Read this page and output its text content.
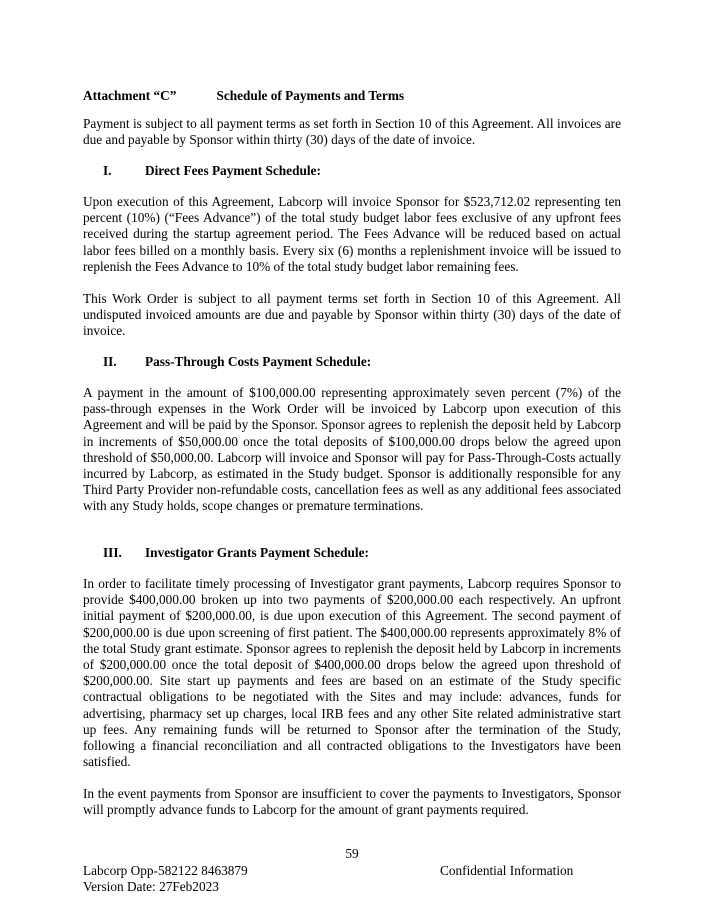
Attachment “C”	Schedule of Payments and Terms

Payment is subject to all payment terms as set forth in Section 10 of this Agreement. All invoices are due and payable by Sponsor within thirty (30) days of the date of invoice.

I.	Direct Fees Payment Schedule:

Upon execution of this Agreement, Labcorp will invoice Sponsor for $523,712.02 representing ten percent (10%) (“Fees Advance”) of the total study budget labor fees exclusive of any upfront fees received during the startup agreement period. The Fees Advance will be reduced based on actual labor fees billed on a monthly basis. Every six (6) months a replenishment invoice will be issued to replenish the Fees Advance to 10% of the total study budget labor remaining fees.

This Work Order is subject to all payment terms set forth in Section 10 of this Agreement. All undisputed invoiced amounts are due and payable by Sponsor within thirty (30) days of the date of invoice.

II. Pass-Through Costs Payment Schedule:

A payment in the amount of $100,000.00 representing approximately seven percent (7%) of the pass-through expenses in the Work Order will be invoiced by Labcorp upon execution of this Agreement and will be paid by the Sponsor. Sponsor agrees to replenish the deposit held by Labcorp in increments of $50,000.00 once the total deposits of $100,000.00 drops below the agreed upon threshold of $50,000.00. Labcorp will invoice and Sponsor will pay for Pass-Through-Costs actually incurred by Labcorp, as estimated in the Study budget. Sponsor is additionally responsible for any Third Party Provider non-refundable costs, cancellation fees as well as any additional fees associated with any Study holds, scope changes or premature terminations.

III. Investigator Grants Payment Schedule:

In order to facilitate timely processing of Investigator grant payments, Labcorp requires Sponsor to provide $400,000.00 broken up into two payments of $200,000.00 each respectively. An upfront initial payment of $200,000.00, is due upon execution of this Agreement. The second payment of $200,000.00 is due upon screening of first patient. The $400,000.00 represents approximately 8% of the total Study grant estimate. Sponsor agrees to replenish the deposit held by Labcorp in increments of $200,000.00 once the total deposit of $400,000.00 drops below the agreed upon threshold of $200,000.00. Site start up payments and fees are based on an estimate of the Study specific contractual obligations to be negotiated with the Sites and may include: advances, funds for advertising, pharmacy set up charges, local IRB fees and any other Site related administrative start up fees. Any remaining funds will be returned to Sponsor after the termination of the Study, following a financial reconciliation and all contracted obligations to the Investigators have been satisfied.

In the event payments from Sponsor are insufficient to cover the payments to Investigators, Sponsor will promptly advance funds to Labcorp for the amount of grant payments required.

59
Labcorp Opp-582122 8463879	Confidential Information
Version Date: 27Feb2023
